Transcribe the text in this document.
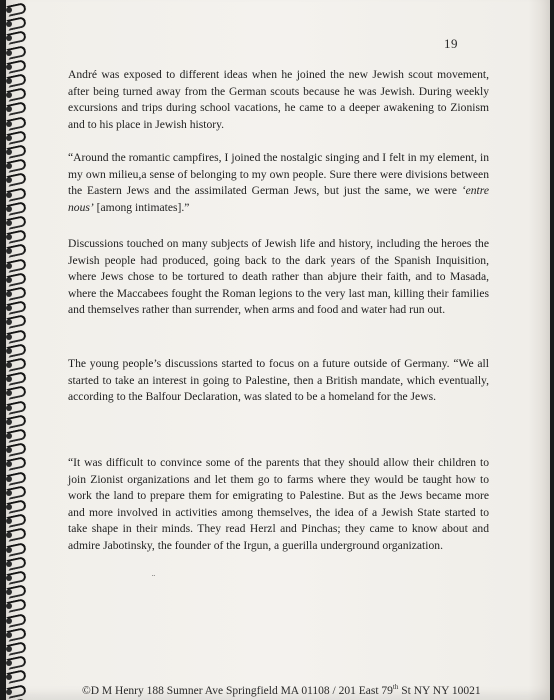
19

André was exposed to different ideas when he joined the new Jewish scout movement, after being turned away from the German scouts because he was Jewish. During weekly excursions and trips during school vacations, he came to a deeper awakening to Zionism and to his place in Jewish history.

“Around the romantic campfires, I joined the nostalgic singing and I felt in my element, in my own milieu,a sense of belonging to my own people. Sure there were divisions between the Eastern Jews and the assimilated German Jews, but just the same, we were ‘entre nous’ [among intimates].”

Discussions touched on many subjects of Jewish life and history, including the heroes the Jewish people had produced, going back to the dark years of the Spanish Inquisition, where Jews chose to be tortured to death rather than abjure their faith, and to Masada, where the Maccabees fought the Roman legions to the very last man, killing their families and themselves rather than surrender, when arms and food and water had run out.

The young people’s discussions started to focus on a future outside of Germany. “We all started to take an interest in going to Palestine, then a British mandate, which eventually, according to the Balfour Declaration, was slated to be a homeland for the Jews.

“It was difficult to convince some of the parents that they should allow their children to join Zionist organizations and let them go to farms where they would be taught how to work the land to prepare them for emigrating to Palestine. But as the Jews became more and more involved in activities among themselves, the idea of a Jewish State started to take shape in their minds. They read Herzl and Pinchas; they came to know about and admire Jabotinsky, the founder of the Irgun, a guerilla underground organization.

¨
©D M Henry 188 Sumner Ave Springfield MA 01108 / 201 East 79th St NY NY 10021
